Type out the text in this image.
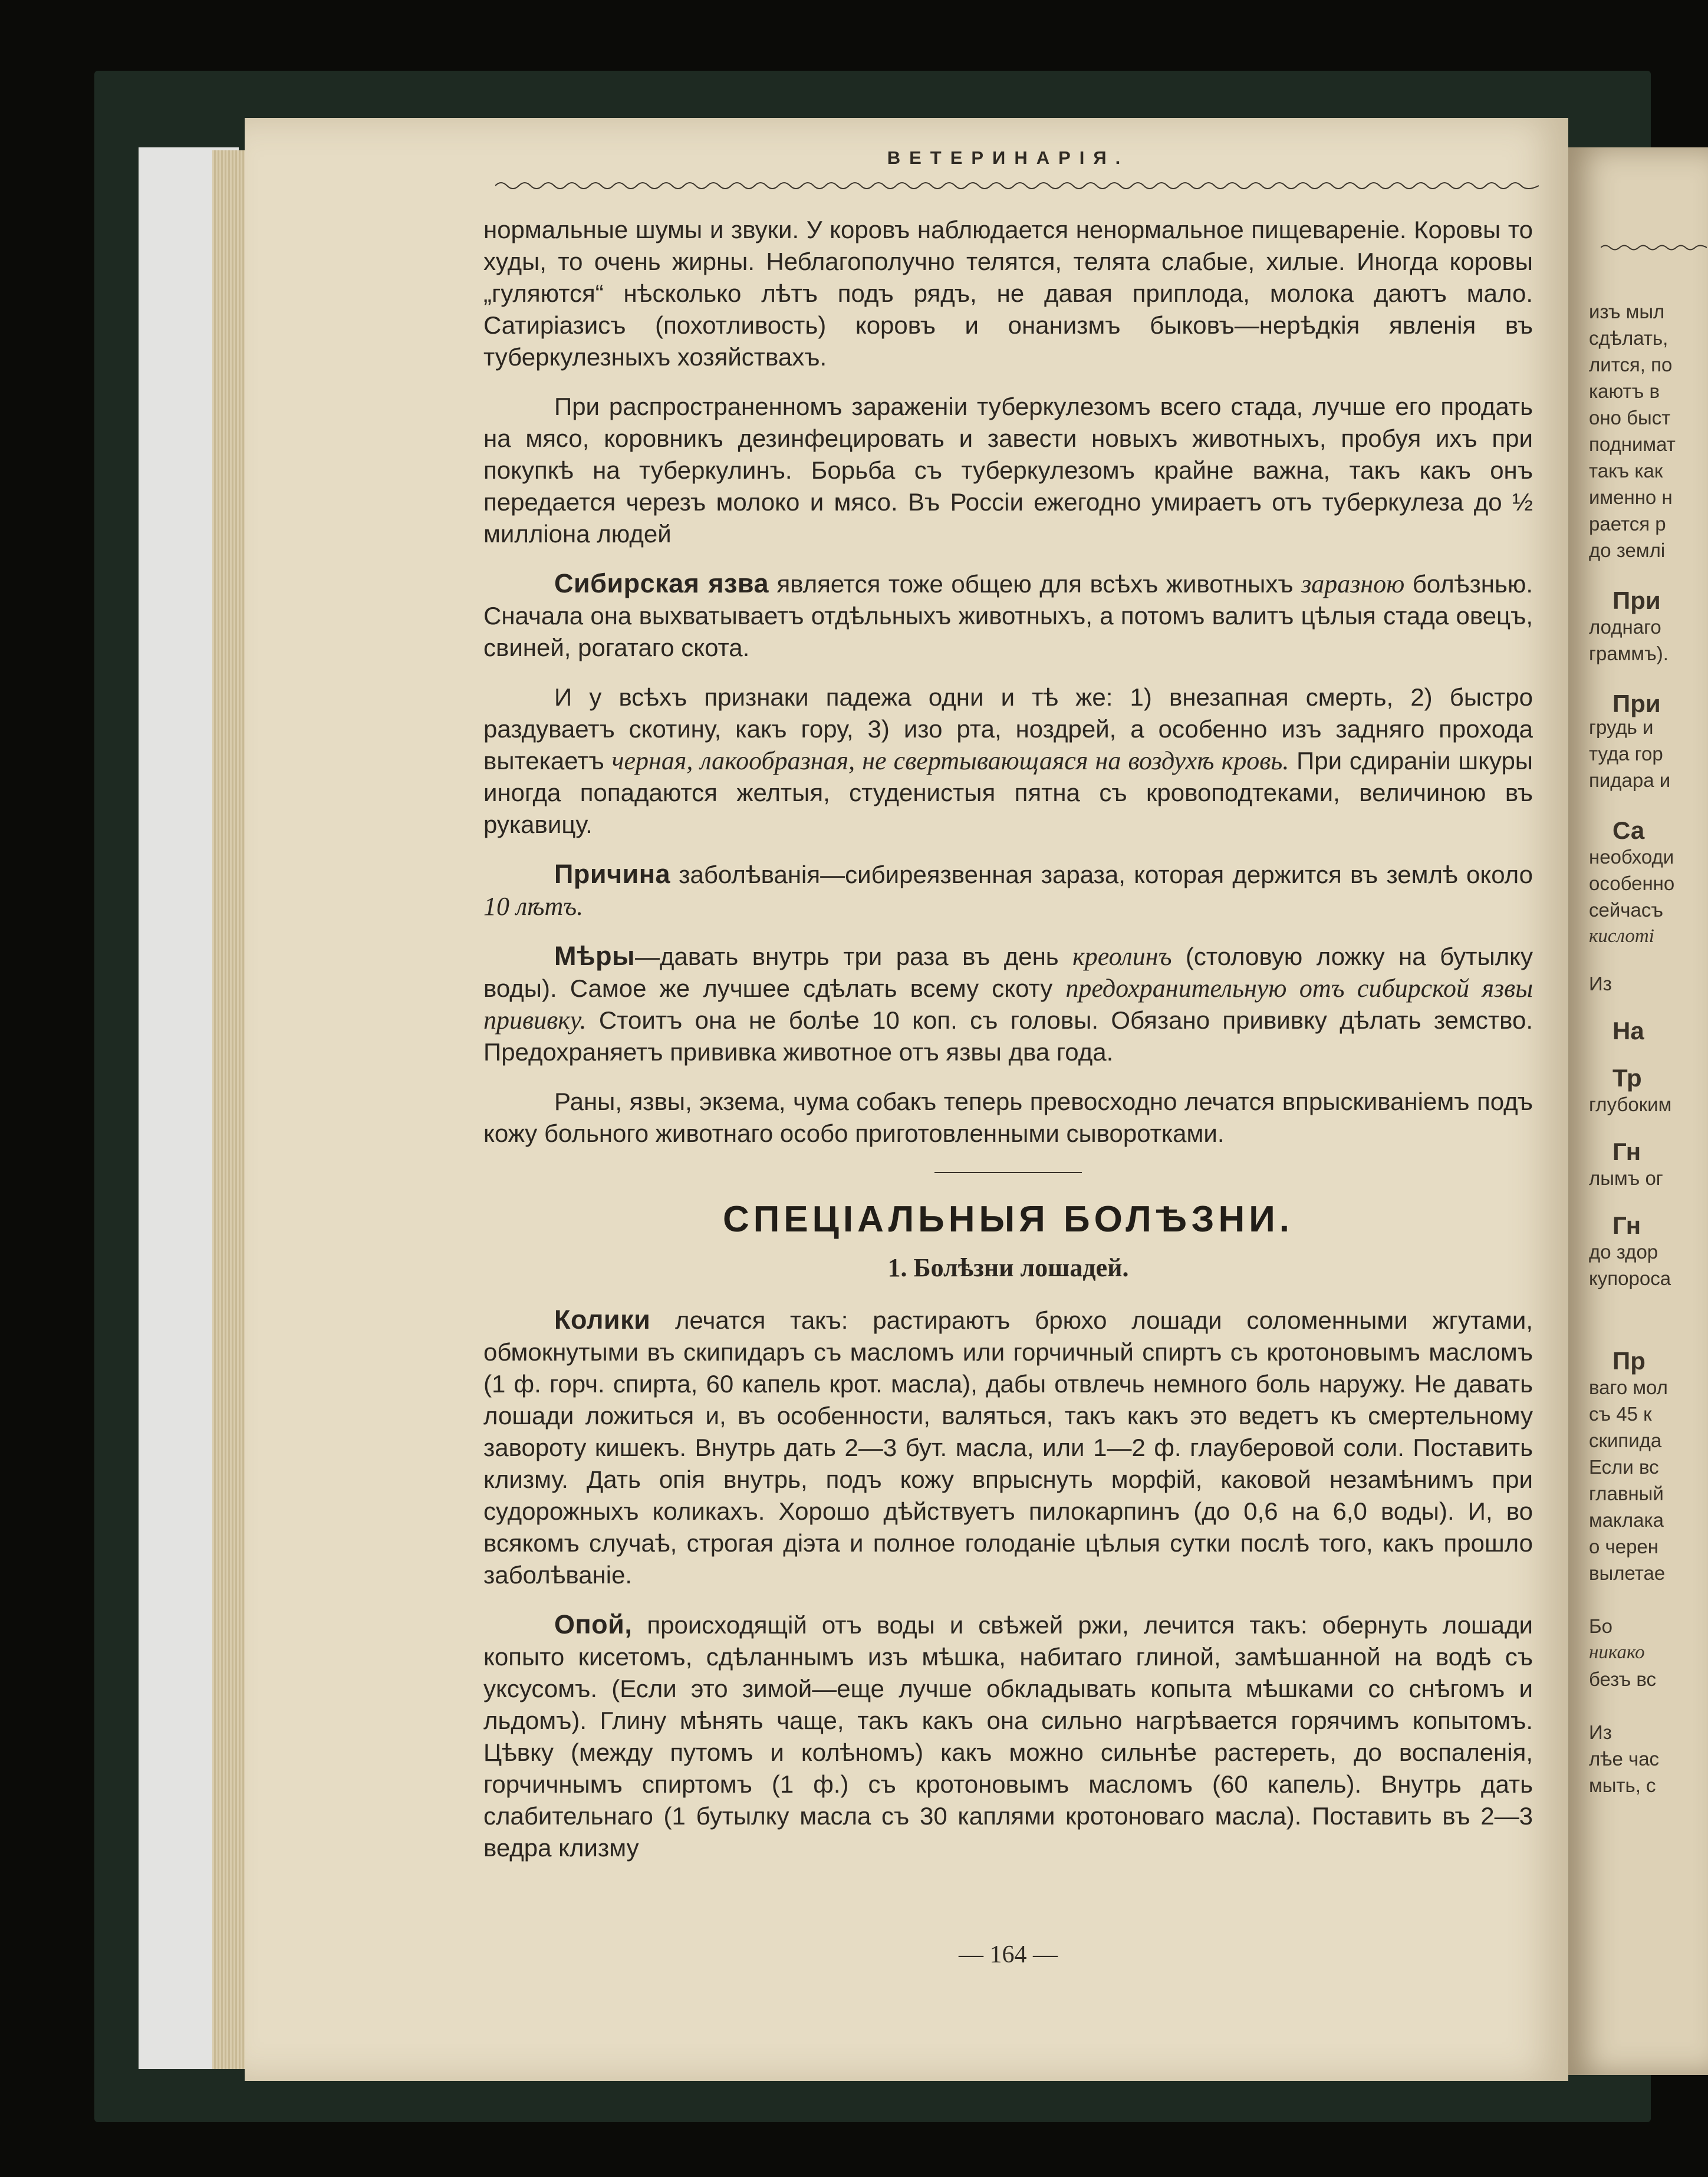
ВЕТЕРИНАРІЯ.

нормальные шумы и звуки. У коровъ наблюдается ненормальное пищевареніе. Коровы то худы, то очень жирны. Неблагополучно телятся, телята слабые, хилые. Иногда коровы „гуляются“ нѣсколько лѣтъ подъ рядъ, не давая приплода, молока даютъ мало. Сатиріазисъ (похотливость) коровъ и онанизмъ быковъ—нерѣдкія явленія въ туберкулезныхъ хозяйствахъ.

При распространенномъ зараженіи туберкулезомъ всего стада, лучше его продать на мясо, коровникъ дезинфецировать и завести новыхъ животныхъ, пробуя ихъ при покупкѣ на туберкулинъ. Борьба съ туберкулезомъ крайне важна, такъ какъ онъ передается черезъ молоко и мясо. Въ Россіи ежегодно умираетъ отъ туберкулеза до ½ милліона людей

Сибирская язва является тоже общею для всѣхъ животныхъ заразною болѣзнью. Сначала она выхватываетъ отдѣльныхъ животныхъ, а потомъ валитъ цѣлыя стада овецъ, свиней, рогатаго скота.

И у всѣхъ признаки падежа одни и тѣ же: 1) внезапная смерть, 2) быстро раздуваетъ скотину, какъ гору, 3) изо рта, ноздрей, а особенно изъ задняго прохода вытекаетъ черная, лакообразная, не свертывающаяся на воздухѣ кровь. При сдираніи шкуры иногда попадаются желтыя, студенистыя пятна съ кровоподтеками, величиною въ рукавицу.

Причина заболѣванія—сибиреязвенная зараза, которая держится въ землѣ около 10 лѣтъ.

Мѣры—давать внутрь три раза въ день креолинъ (столовую ложку на бутылку воды). Самое же лучшее сдѣлать всему скоту предохранительную отъ сибирской язвы прививку. Стоитъ она не болѣе 10 коп. съ головы. Обязано прививку дѣлать земство. Предохраняетъ прививка животное отъ язвы два года.

Раны, язвы, экзема, чума собакъ теперь превосходно лечатся впрыскиваніемъ подъ кожу больного животнаго особо приготовленными сыворотками.

СПЕЦІАЛЬНЫЯ БОЛѢЗНИ.
1. Болѣзни лошадей.

Колики лечатся такъ: растираютъ брюхо лошади соломенными жгутами, обмокнутыми въ скипидаръ съ масломъ или горчичный спиртъ съ кротоновымъ масломъ (1 ф. горч. спирта, 60 капель крот. масла), дабы отвлечь немного боль наружу. Не давать лошади ложиться и, въ особенности, валяться, такъ какъ это ведетъ къ смертельному завороту кишекъ. Внутрь дать 2—3 бут. масла, или 1—2 ф. глауберовой соли. Поставить клизму. Дать опія внутрь, подъ кожу впрыснуть морфій, каковой незамѣнимъ при судорожныхъ коликахъ. Хорошо дѣйствуетъ пилокарпинъ (до 0,6 на 6,0 воды). И, во всякомъ случаѣ, строгая діэта и полное голоданіе цѣлыя сутки послѣ того, какъ прошло заболѣваніе.

Опой, происходящій отъ воды и свѣжей ржи, лечится такъ: обернуть лошади копыто кисетомъ, сдѣланнымъ изъ мѣшка, набитаго глиной, замѣшанной на водѣ съ уксусомъ. (Если это зимой—еще лучше обкладывать копыта мѣшками со снѣгомъ и льдомъ). Глину мѣнять чаще, такъ какъ она сильно нагрѣвается горячимъ копытомъ. Цѣвку (между путомъ и колѣномъ) какъ можно сильнѣе растереть, до воспаленія, горчичнымъ спиртомъ (1 ф.) съ кротоновымъ масломъ (60 капель). Внутрь дать слабительнаго (1 бутылку масла съ 30 каплями кротоноваго масла). Поставить въ 2—3 ведра клизму

— 164 —
изъ мыл
сдѣлать,
лится, по
каютъ в
оно быст
поднимат
такъ как
именно н
рается р
до землі
При
лоднаго
граммъ).
При
грудь и
туда гор
пидара и
Са
необходи
особенно
сейчасъ
кислоті
Из
На
Тр
глубоким
Гн
лымъ ог
Гн
до здор
купороса
Пр
ваго мол
съ 45 к
скипида
Если вс
главный
маклака
о черен
вылетае
Бо
никако
безъ вс
Из
лѣе час
мыть, с
